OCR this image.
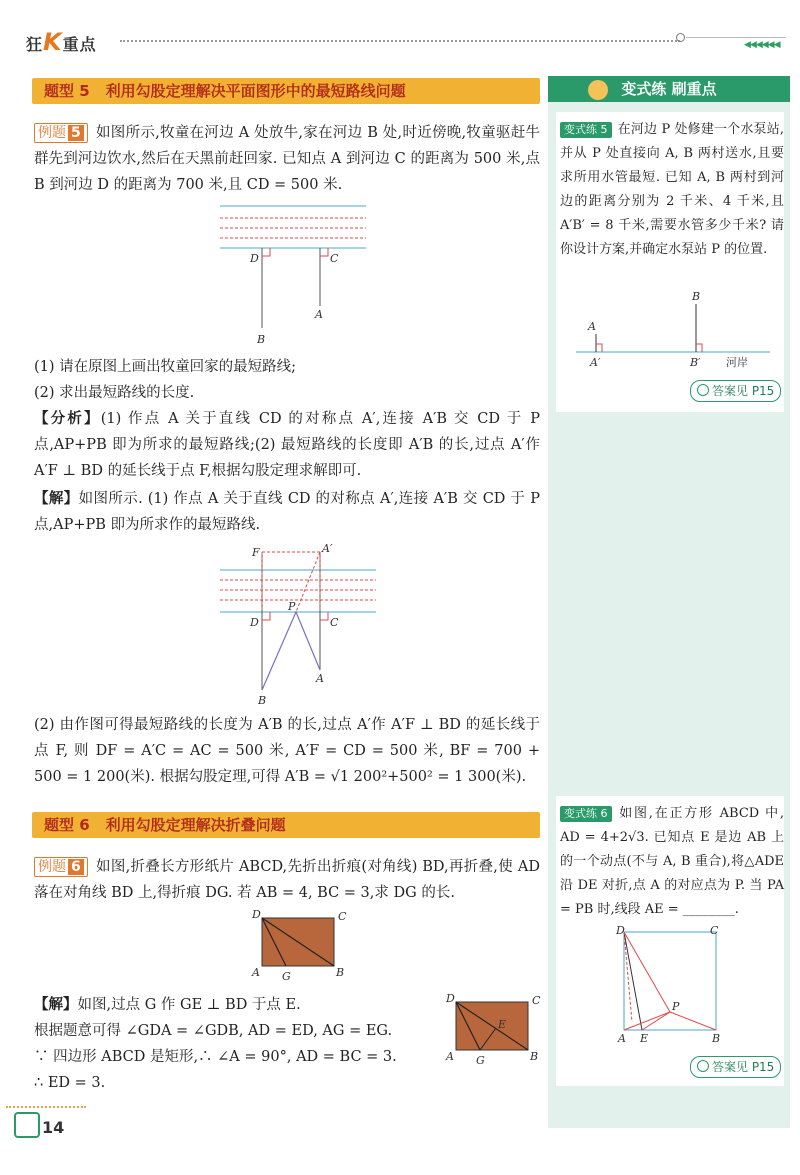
狂K重点	◀◀◀◀◀◀
题型 5 利用勾股定理解决平面图形中的最短路线问题
例题 5 如图所示,牧童在河边 A 处放牛,家在河边 B 处,时近傍晚,牧童驱赶牛群先到河边饮水,然后在天黑前赶回家. 已知点 A 到河边 C 的距离为 500 米,点 B 到河边 D 的距离为 700 米,且 CD = 500 米.
D	C
A
B
(1) 请在原图上画出牧童回家的最短路线;
(2) 求出最短路线的长度.
【分析】(1) 作点 A 关于直线 CD 的对称点 A′,连接 A′B 交 CD 于 P 点,AP+PB 即为所求的最短路线;(2) 最短路线的长度即 A′B 的长,过点 A′作 A′F ⊥ BD 的延长线于点 F,根据勾股定理求解即可.
【解】如图所示. (1) 作点 A 关于直线 CD 的对称点 A′,连接 A′B 交 CD 于 P 点,AP+PB 即为所求作的最短路线.
F	A′
P
D	C
A
B
(2) 由作图可得最短路线的长度为 A′B 的长,过点 A′作 A′F ⊥ BD 的延长线于点 F, 则 DF = A′C = AC = 500 米, A′F = CD = 500 米, BF = 700 + 500 = 1 200(米). 根据勾股定理,可得 A′B = √1 200²+500² = 1 300(米).
题型 6 利用勾股定理解决折叠问题
例题 6 如图,折叠长方形纸片 ABCD,先折出折痕(对角线) BD,再折叠,使 AD 落在对角线 BD 上,得折痕 DG. 若 AB = 4, BC = 3,求 DG 的长.
D	C
A G	B
【解】如图,过点 G 作 GE ⊥ BD 于点 E.
根据题意可得 ∠GDA = ∠GDB, AD = ED, AG = EG.
∵ 四边形 ABCD 是矩形,∴ ∠A = 90°, AD = BC = 3.
∴ ED = 3.
D	C
E
A G	B
变式练 刷重点
变式练 5 在河边 P 处修建一个水泵站,并从 P 处直接向 A, B 两村送水,且要求所用水管最短. 已知 A, B 两村到河边的距离分别为 2 千米、4 千米,且 A′B′ = 8 千米,需要水管多少千米? 请你设计方案,并确定水泵站 P 的位置.
A
A′
B
B′ 河岸
答案见 P15
变式练 6 如图,在正方形 ABCD 中, AD = 4+2√3. 已知点 E 是边 AB 上的一个动点(不与 A, B 重合),将△ADE 沿 DE 对折,点 A 的对应点为 P. 当 PA = PB 时,线段 AE = ________.
D	C
P
A E	B
答案见 P15
14
